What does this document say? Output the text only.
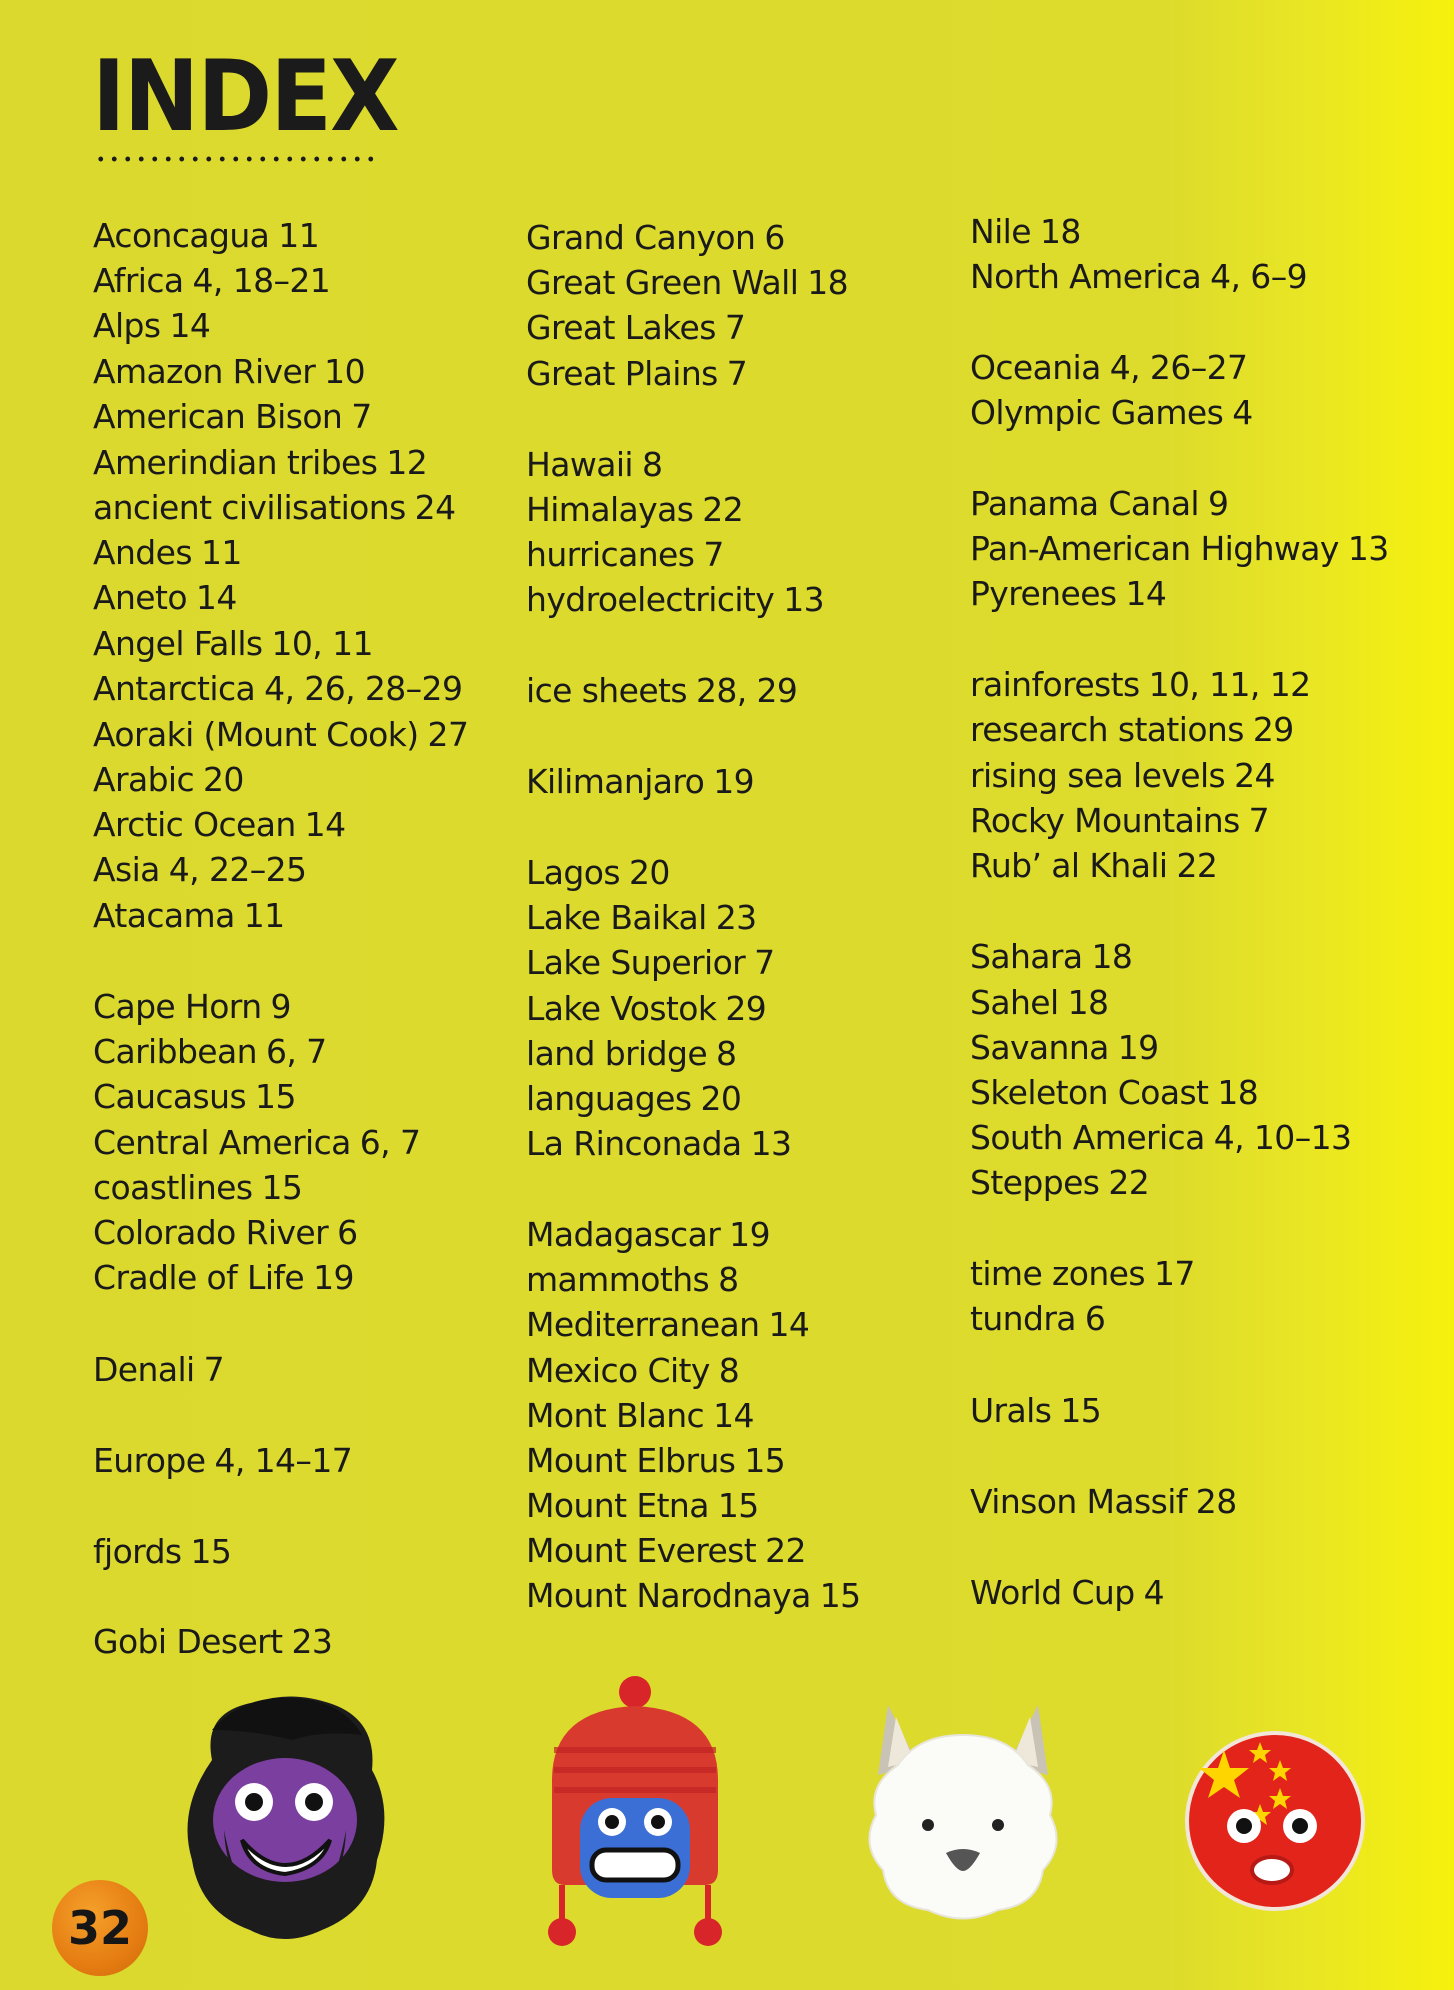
INDEX
Aconcagua 11
Africa 4, 18–21
Alps 14
Amazon River 10
American Bison 7
Amerindian tribes 12
ancient civilisations 24
Andes 11
Aneto 14
Angel Falls 10, 11
Antarctica 4, 26, 28–29
Aoraki (Mount Cook) 27
Arabic 20
Arctic Ocean 14
Asia 4, 22–25
Atacama 11
Cape Horn 9
Caribbean 6, 7
Caucasus 15
Central America 6, 7
coastlines 15
Colorado River 6
Cradle of Life 19
Denali 7
Europe 4, 14–17
fjords 15
Gobi Desert 23
Grand Canyon 6
Great Green Wall 18
Great Lakes 7
Great Plains 7
Hawaii 8
Himalayas 22
hurricanes 7
hydroelectricity 13
ice sheets 28, 29
Kilimanjaro 19
Lagos 20
Lake Baikal 23
Lake Superior 7
Lake Vostok 29
land bridge 8
languages 20
La Rinconada 13
Madagascar 19
mammoths 8
Mediterranean 14
Mexico City 8
Mont Blanc 14
Mount Elbrus 15
Mount Etna 15
Mount Everest 22
Mount Narodnaya 15
Nile 18
North America 4, 6–9
Oceania 4, 26–27
Olympic Games 4
Panama Canal 9
Pan-American Highway 13
Pyrenees 14
rainforests 10, 11, 12
research stations 29
rising sea levels 24
Rocky Mountains 7
Rub’ al Khali 22
Sahara 18
Sahel 18
Savanna 19
Skeleton Coast 18
South America 4, 10–13
Steppes 22
time zones 17
tundra 6
Urals 15
Vinson Massif 28
World Cup 4
32
